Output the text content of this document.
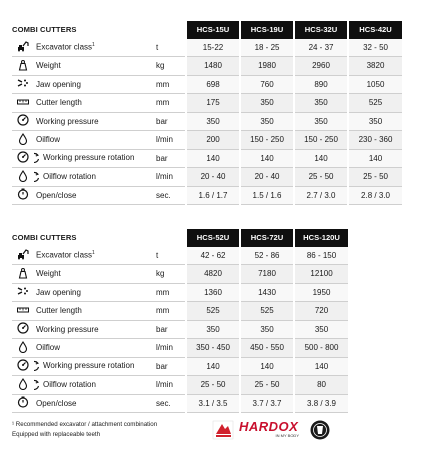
COMBI CUTTERS			HCS-15U	HCS-19U	HCS-32U	HCS-42U

	Excavator class$^1$	t	15-22	18 - 25	24 - 37	32 - 50

	Weight	kg	1480	1980	2960	3820

	Jaw opening	mm	698	760	890	1050

	Cutter length	mm	175	350	350	525

	Working pressure	bar	350	350	350	350

	Oilflow	l/min	200	150 - 250	150 - 250	230 - 360

Working pressure rotation	bar	140	140	140	140

Oilflow rotation	l/min	20 - 40	20 - 40	25 - 50	25 - 50

	Open/close	sec.	1.6 / 1.7	1.5 / 1.6	2.7 / 3.0	2.8 / 3.0
COMBI CUTTERS			HCS-52U	HCS-72U	HCS-120U

	Excavator class$^1$	t	42 - 62	52 - 86	86 - 150

	Weight	kg	4820	7180	12100

	Jaw opening	mm	1360	1430	1950

	Cutter length	mm	525	525	720

	Working pressure	bar	350	350	350

	Oilflow	l/min	350 - 450	450 - 550	500 - 800

Working pressure rotation	bar	140	140	140

Oilflow rotation	l/min	25 - 50	25 - 50	80

	Open/close	sec.	3.1 / 3.5	3.7 / 3.7	3.8 / 3.9
¹ Recommended excavator / attachment combination
Equipped with replaceable teeth
HARDOX
IN MY BODY
